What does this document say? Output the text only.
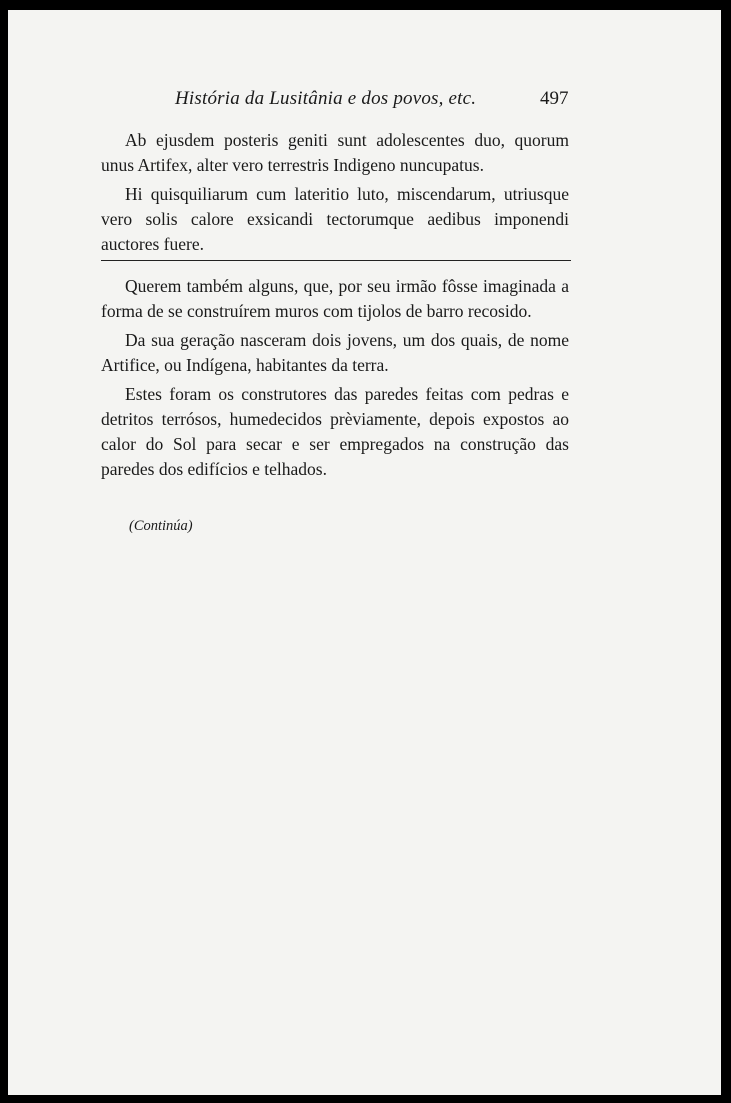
História da Lusitânia e dos povos, etc.	497

Ab ejusdem posteris geniti sunt adolescentes duo, quorum unus Artifex, alter vero terrestris Indigeno nuncupatus.

Hi quisquiliarum cum lateritio luto, miscendarum, utriusque vero solis calore exsicandi tectorumque aedibus imponendi auctores fuere.

Querem também alguns, que, por seu irmão fôsse imaginada a forma de se construírem muros com tijolos de barro recosido.

Da sua geração nasceram dois jovens, um dos quais, de nome Artifice, ou Indígena, habitantes da terra.

Estes foram os construtores das paredes feitas com pedras e detritos terrósos, humedecidos prèviamente, depois expostos ao calor do Sol para secar e ser empregados na construção das paredes dos edifícios e telhados.

(Continúa)
